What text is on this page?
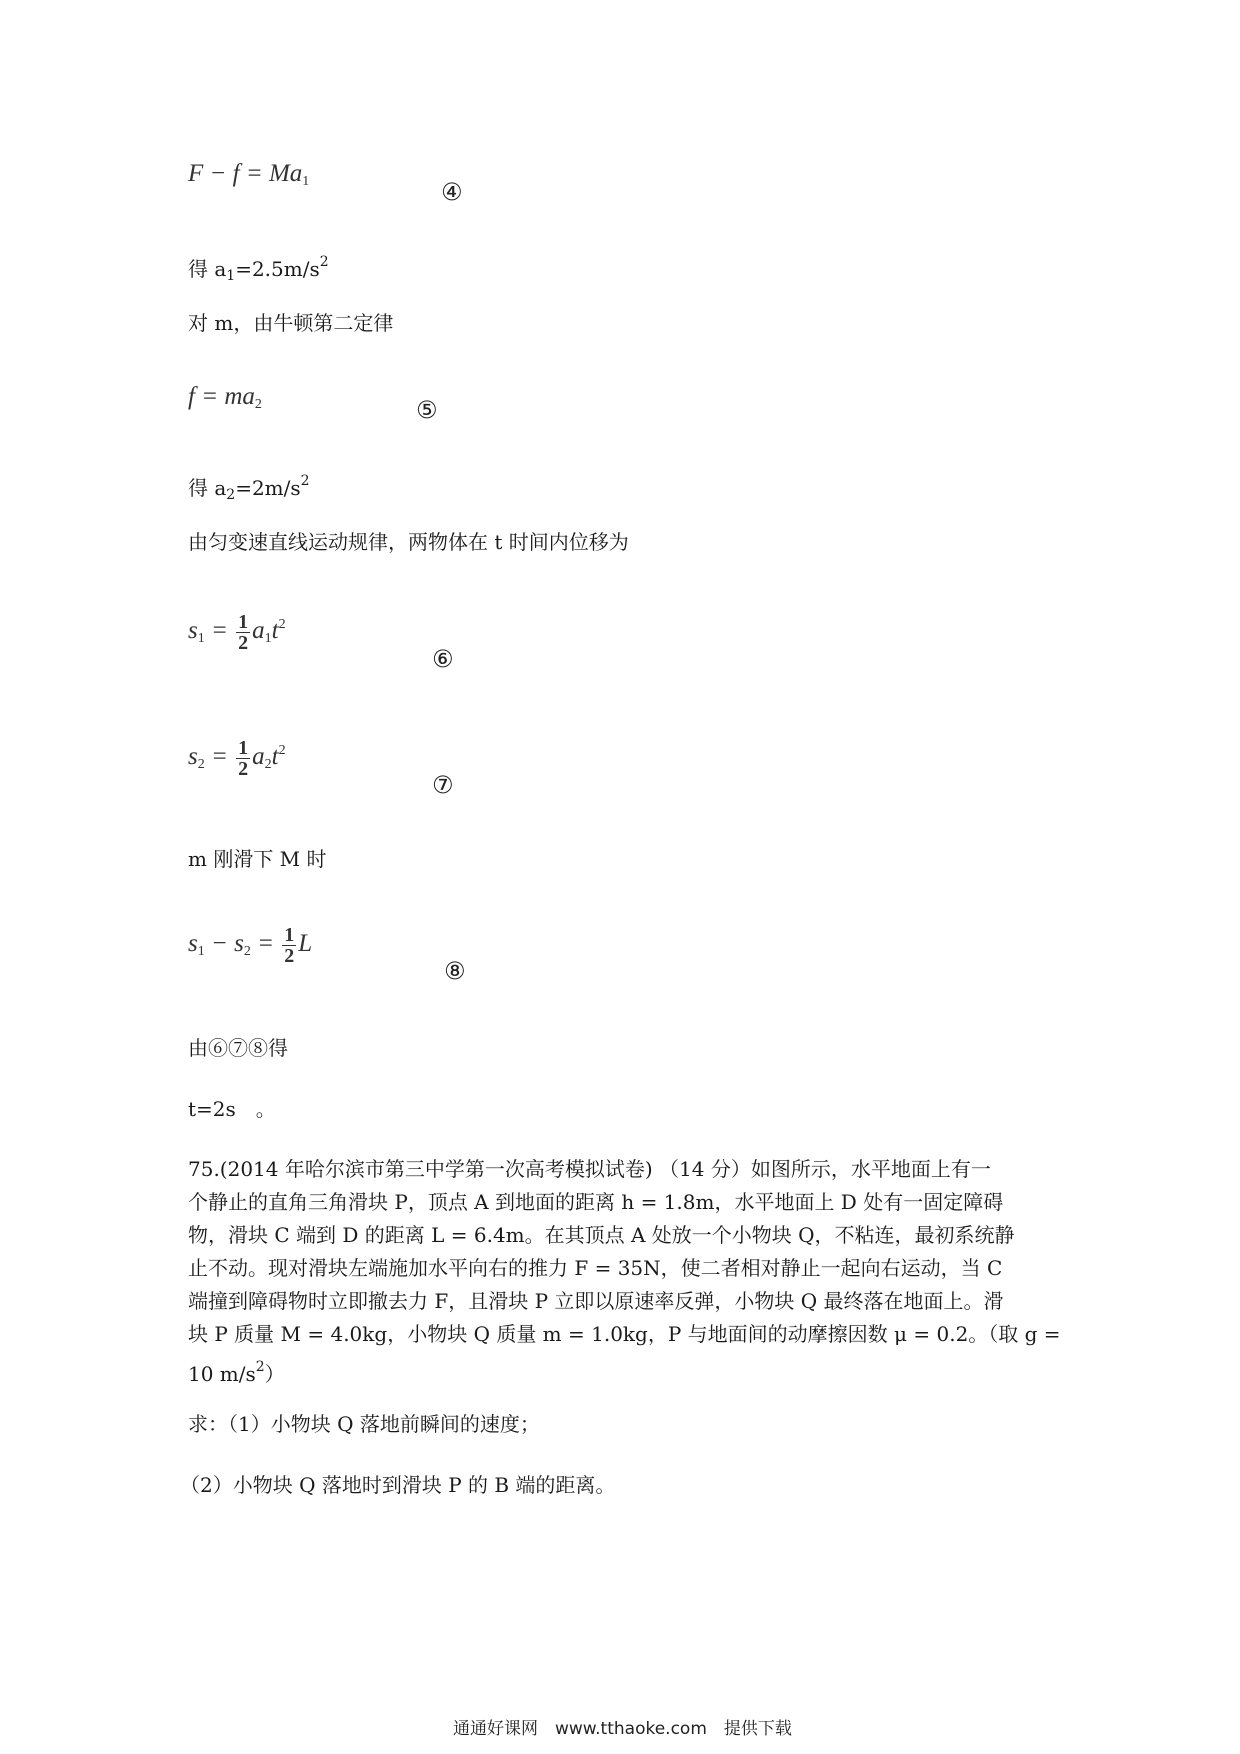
$F - f = Ma_1$	④
得 $a_1=2.5m/s^2$
对 m，由牛顿第二定律
$f = ma_2$	⑤
得 $a_2=2m/s^2$
由匀变速直线运动规律，两物体在 t 时间内位移为
$s_1 = \frac{1}{2} a_1t^2$
⑥
$s_2 = \frac{1}{2} a_2t^2$
⑦
m 刚滑下 M 时
$s_1 - s_2 = \frac{1}{2}$ L
⑧
由⑥⑦⑧得
t=2s　。
75.(2014 年哈尔滨市第三中学第一次高考模拟试卷) （14 分）如图所示，水平地面上有一
个静止的直角三角滑块 P，顶点 A 到地面的距离 h = 1.8m，水平地面上 D 处有一固定障碍
物，滑块 C 端到 D 的距离 L = 6.4m。在其顶点 A 处放一个小物块 Q，不粘连，最初系统静
止不动。现对滑块左端施加水平向右的推力 F = 35N，使二者相对静止一起向右运动，当 C
端撞到障碍物时立即撤去力 F，且滑块 P 立即以原速率反弹，小物块 Q 最终落在地面上。滑
块 P 质量 M = 4.0kg，小物块 Q 质量 m = 1.0kg，P 与地面间的动摩擦因数 μ = 0.2。（取 g =
10 $m/s^2$）
求：（1）小物块 Q 落地前瞬间的速度；
（2）小物块 Q 落地时到滑块 P 的 B 端的距离。
通通好课网　www.tthaoke.com　提供下载
